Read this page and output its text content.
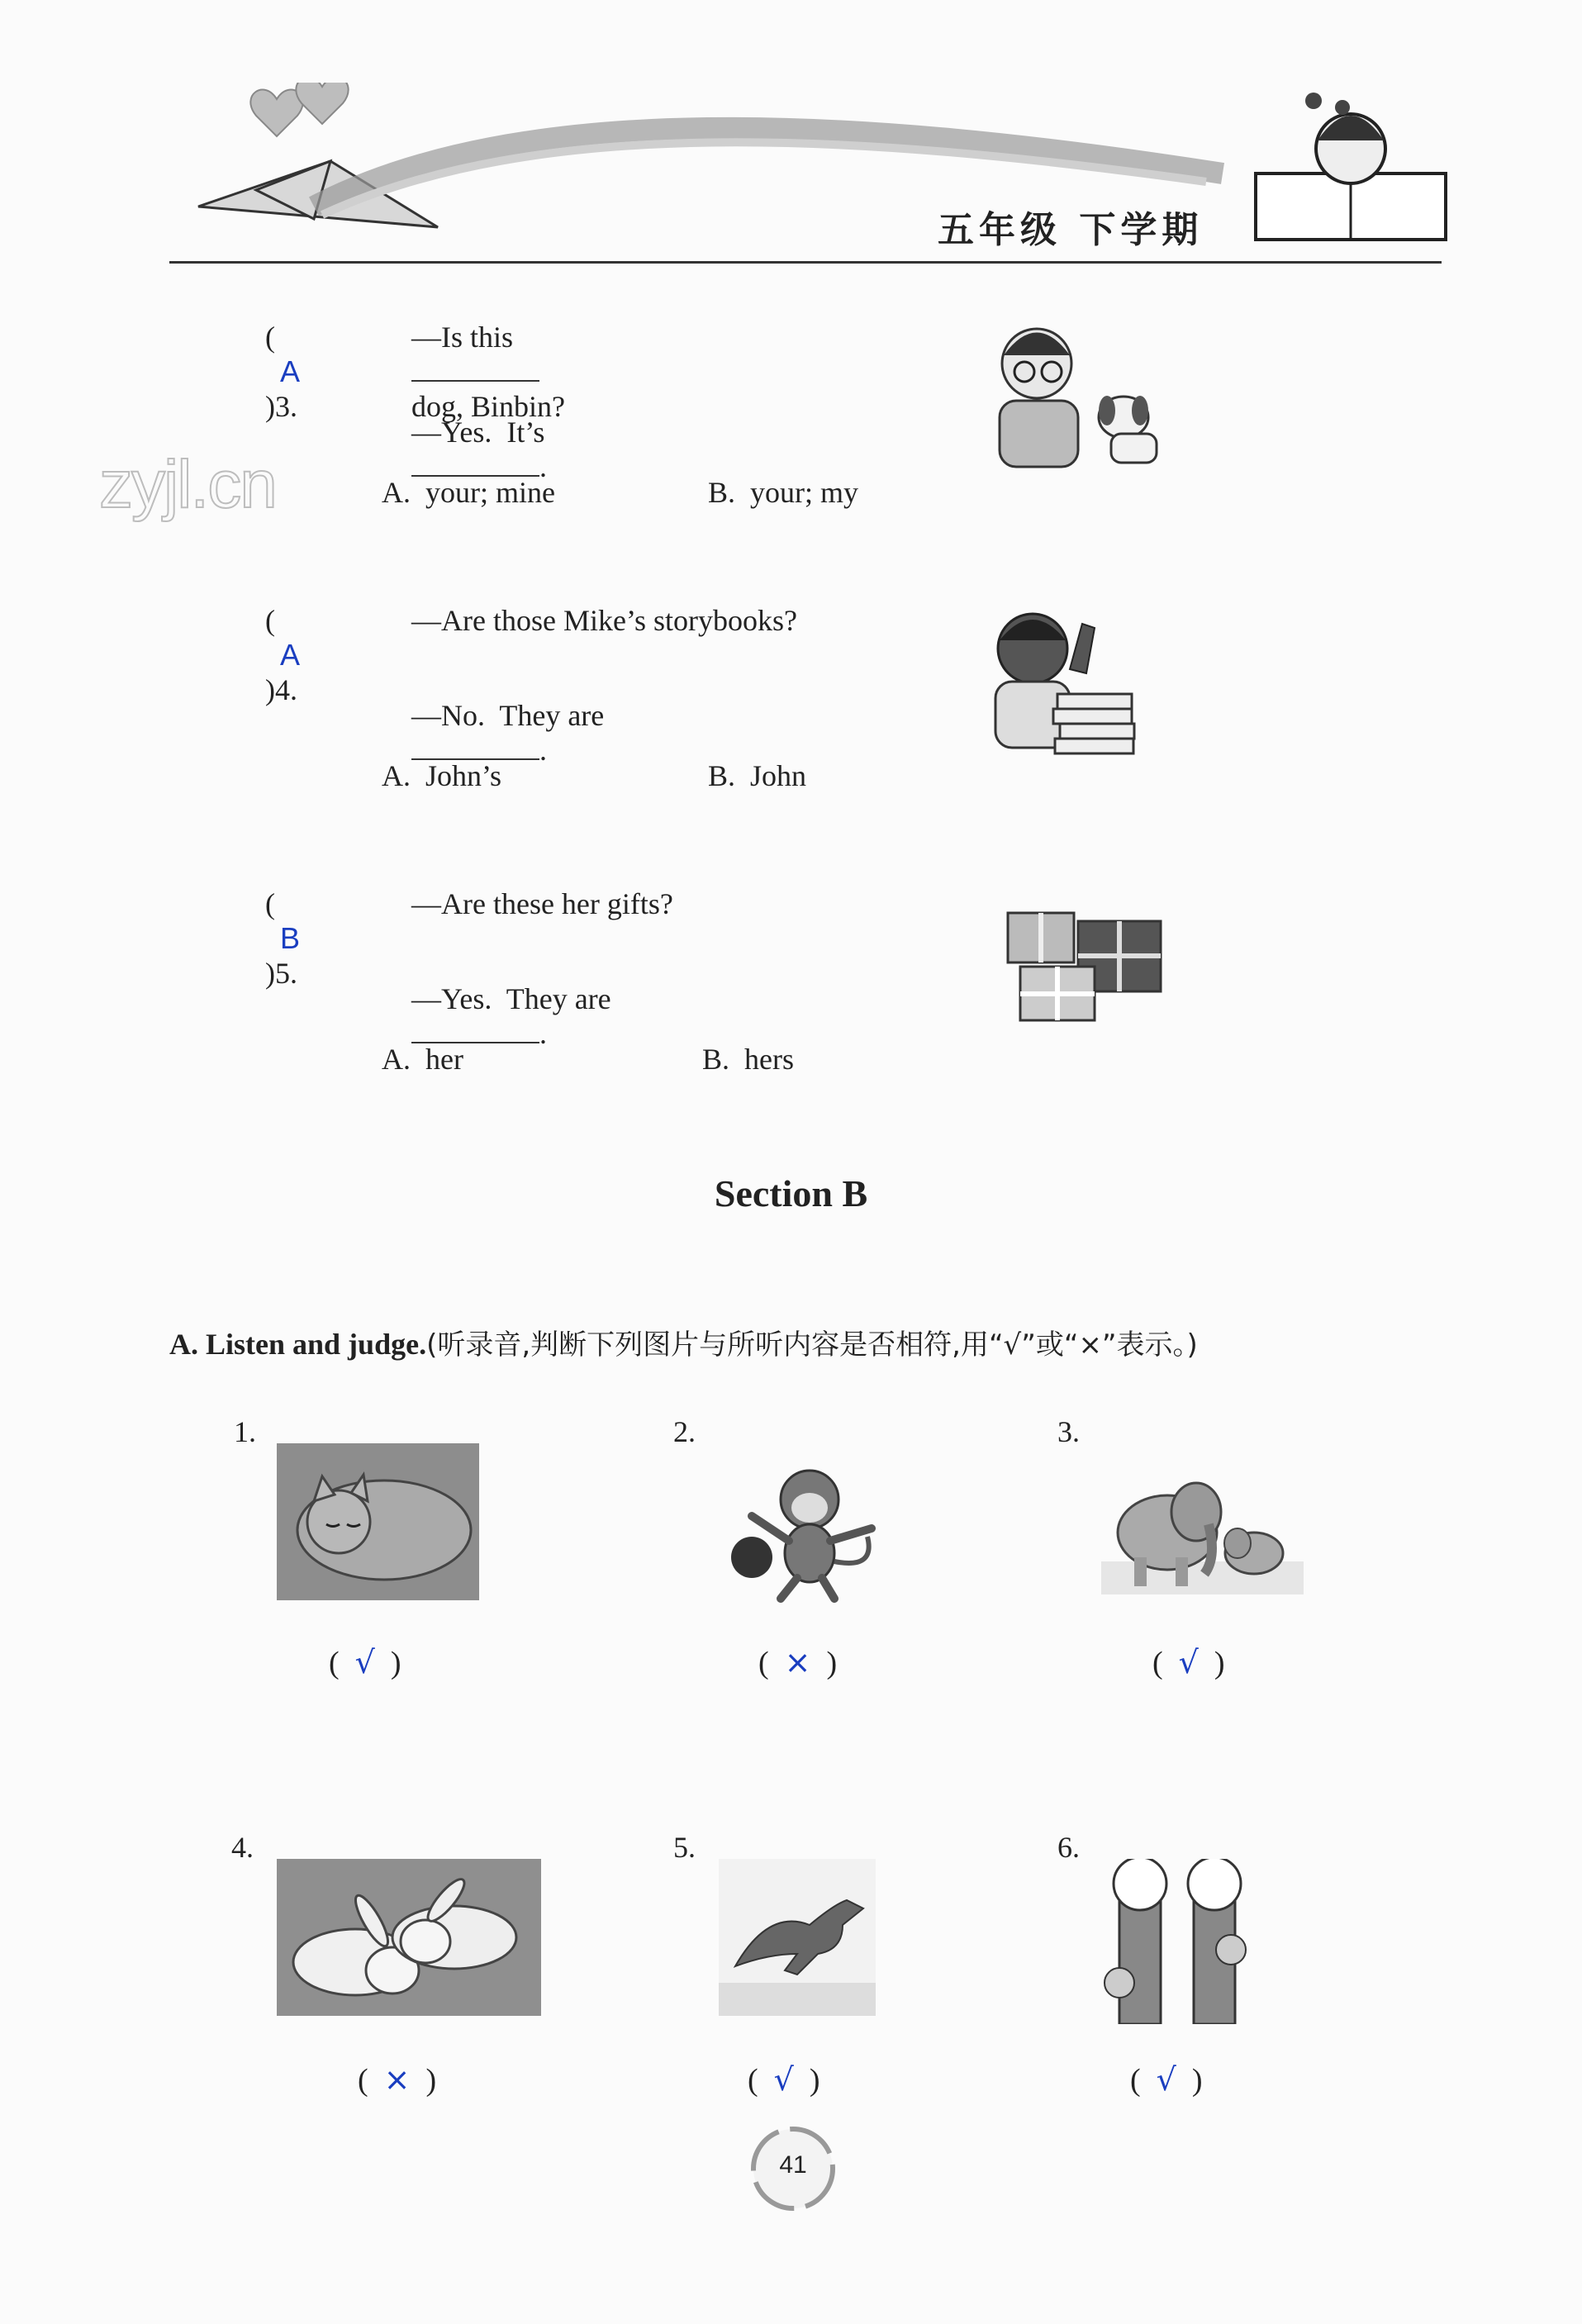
五年级 下学期
zyjl.cn

(
A
)3.

—Is this

dog, Binbin?

—Yes.  It’s
.

A.  your; mine	B.  your; my

(
A
)4.

—Are those Mike’s storybooks?

—No.  They are
.

A.  John’s	B.  John

(
B
)5.

—Are these her gifts?

—Yes.  They are
.

A.  her	B.  hers
Section B
A. Listen and judge.(听录音,判断下列图片与所听内容是否相符,用“√”或“×”表示。)
1.
(  √  )
2.
(  ×  )
3.
(  √  )
4.
(  ×  )
5.
(  √  )
6.
(  √  )
41
